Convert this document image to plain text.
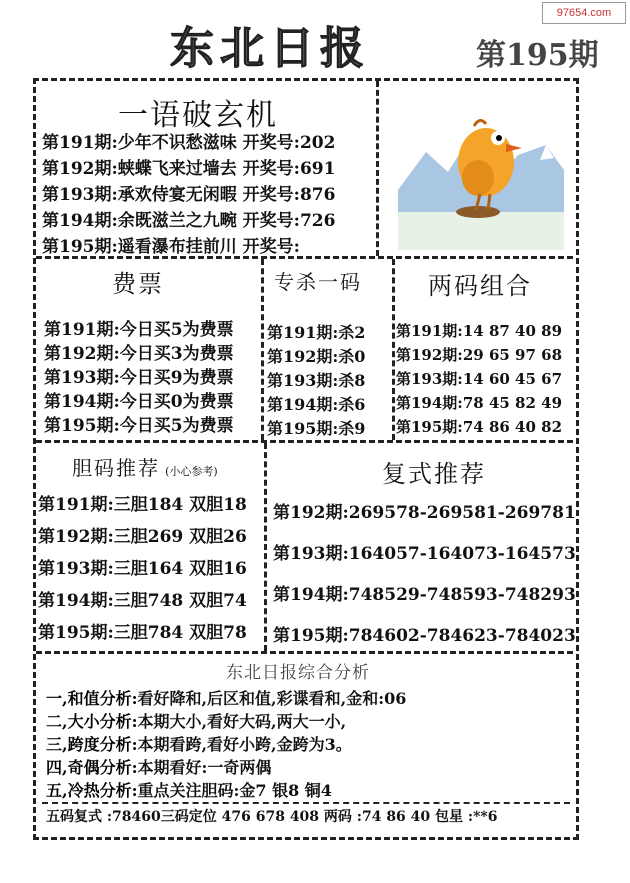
97654.com
东北日报	第195期
一语破玄机
第191期:少年不识愁滋味 开奖号:202
第192期:蛱蝶飞来过墙去 开奖号:691
第193期:承欢侍宴无闲暇 开奖号:876
第194期:余既滋兰之九畹 开奖号:726
第195期:遥看瀑布挂前川 开奖号:
费票
第191期:今日买5为费票
第192期:今日买3为费票
第193期:今日买9为费票
第194期:今日买0为费票
第195期:今日买5为费票
专杀一码
第191期:杀2
第192期:杀0
第193期:杀8
第194期:杀6
第195期:杀9
两码组合
第191期:14 87 40 89
第192期:29 65 97 68
第193期:14 60 45 67
第194期:78 45 82 49
第195期:74 86 40 82
胆码推荐 (小心参考)
第191期:三胆184 双胆18
第192期:三胆269 双胆26
第193期:三胆164 双胆16
第194期:三胆748 双胆74
第195期:三胆784 双胆78
复式推荐
第192期:269578-269581-269781
第193期:164057-164073-164573
第194期:748529-748593-748293
第195期:784602-784623-784023
东北日报综合分析
一,和值分析:看好降和,后区和值,彩谍看和,金和:06
二,大小分析:本期大小,看好大码,两大一小,
三,跨度分析:本期看跨,看好小跨,金跨为3。
四,奇偶分析:本期看好:一奇两偶
五,冷热分析:重点关注胆码:金7 银8 铜4
五码复式 :78460三码定位 476 678 408 两码 :74 86 40 包星 :**6
